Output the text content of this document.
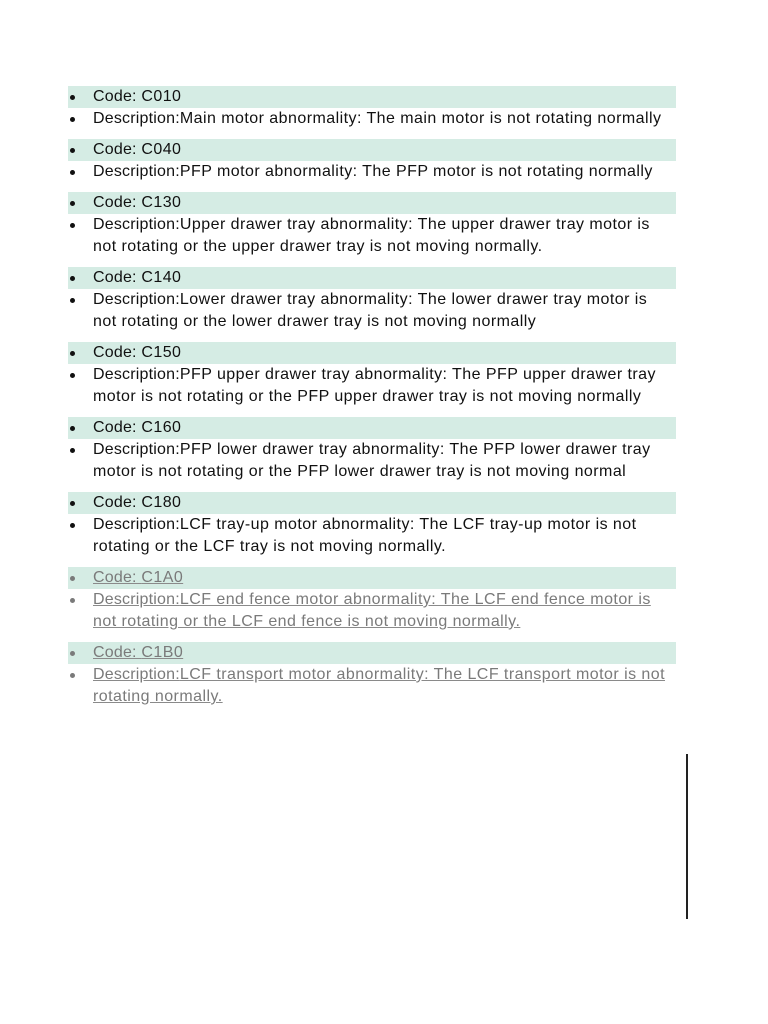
Code: C010
Description:Main motor abnormality: The main motor is not rotating normally
Code: C040
Description:PFP motor abnormality: The PFP motor is not rotating normally
Code: C130
Description:Upper drawer tray abnormality: The upper drawer tray motor is not rotating or the upper drawer tray is not moving normally.
Code: C140
Description:Lower drawer tray abnormality: The lower drawer tray motor is not rotating or the lower drawer tray is not moving normally
Code: C150
Description:PFP upper drawer tray abnormality: The PFP upper drawer tray motor is not rotating or the PFP upper drawer tray is not moving normally
Code: C160
Description:PFP lower drawer tray abnormality: The PFP lower drawer tray motor is not rotating or the PFP lower drawer tray is not moving normal
Code: C180
Description:LCF tray-up motor abnormality: The LCF tray-up motor is not rotating or the LCF tray is not moving normally.
Code: C1A0
Description:LCF end fence motor abnormality: The LCF end fence motor is not rotating or the LCF end fence is not moving normally.
Code: C1B0
Description:LCF transport motor abnormality: The LCF transport motor is not rotating normally.
